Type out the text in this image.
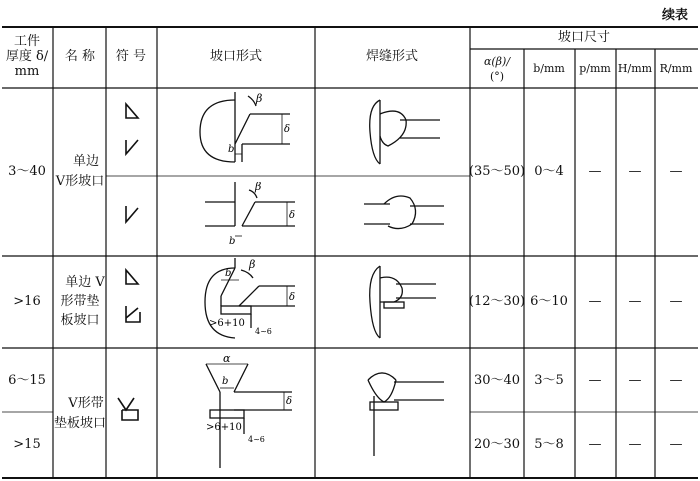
续表
工件
厚度 δ/
mm
名 称 符 号	坡口形式	焊缝形式
坡口尺寸
α(β)/
(°)
b/mm p/mm H/mm R/mm
3～40
单边
V形坡口
(35～50) 0～4 — — —
β
δ
b
β
δ
b
>16
单边 V
形带垫
板坡口
(12～30) 6～10 — — —
b
β
δ
>6+10
4~6
6～15
>15
V形带
垫板坡口
30～40 3～5
20～30 5～8
— — —
— — —
α
b
δ
>6+10
4~6
